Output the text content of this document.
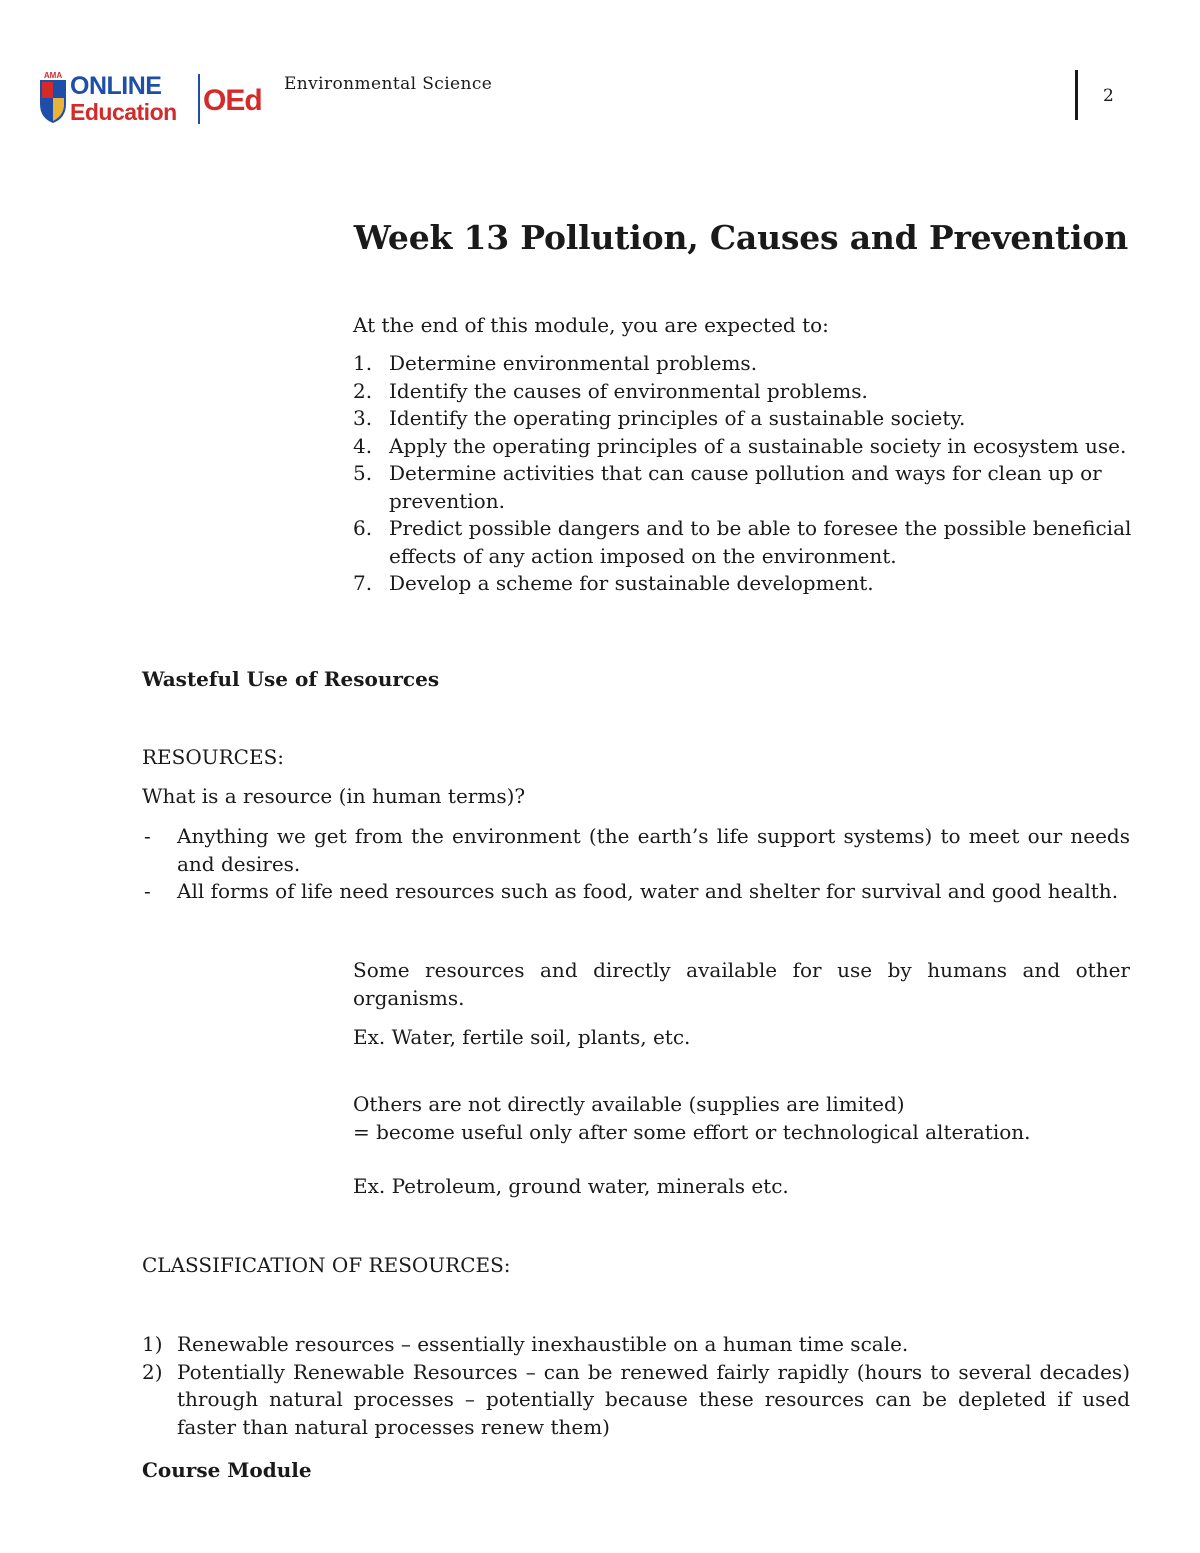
AMA ONLINE
Education OEd Environmental Science
2
Week 13 Pollution, Causes and Prevention
At the end of this module, you are expected to:
1. Determine environmental problems.
2. Identify the causes of environmental problems.
3. Identify the operating principles of a sustainable society.
4. Apply the operating principles of a sustainable society in ecosystem use.
5. Determine activities that can cause pollution and ways for clean up or prevention.
6. Predict possible dangers and to be able to foresee the possible beneficial effects of any action imposed on the environment.
7. Develop a scheme for sustainable development.
Wasteful Use of Resources
RESOURCES:
What is a resource (in human terms)?
- Anything we get from the environment (the earth’s life support systems) to meet our needs and desires.
- All forms of life need resources such as food, water and shelter for survival and good health.
Some resources and directly available for use by humans and other organisms.
Ex. Water, fertile soil, plants, etc.
Others are not directly available (supplies are limited)
= become useful only after some effort or technological alteration.
Ex. Petroleum, ground water, minerals etc.
CLASSIFICATION OF RESOURCES:
1) Renewable resources – essentially inexhaustible on a human time scale.
2) Potentially Renewable Resources – can be renewed fairly rapidly (hours to several decades) through natural processes – potentially because these resources can be depleted if used faster than natural processes renew them)
Course Module
